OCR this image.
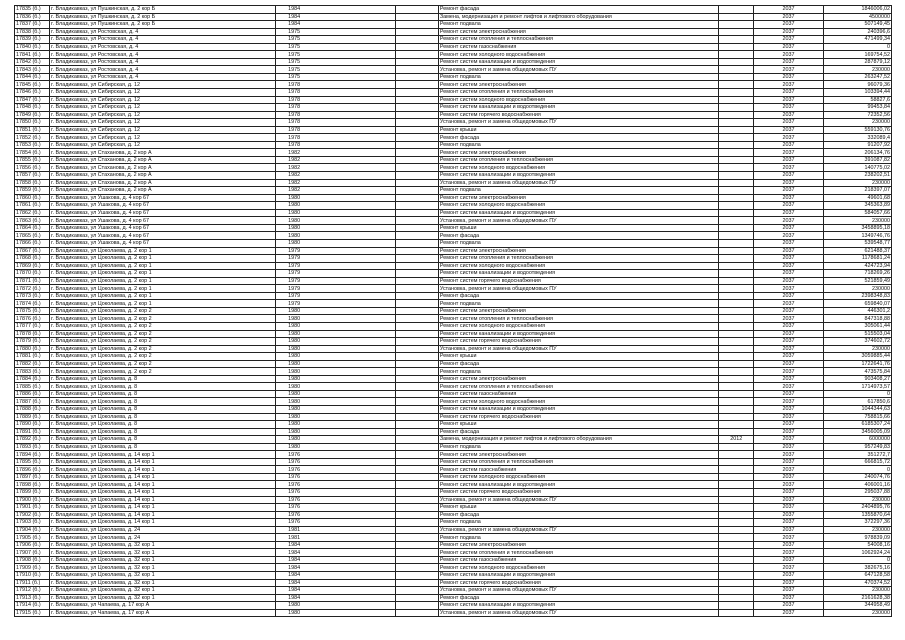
17835 (б.)	г. Владикавказ, ул Пушкинская, д. 2 кор Б	1984		Ремонт фасада		2037	1846006,02
17836 (б.)	г. Владикавказ, ул Пушкинская, д. 2 кор Б	1984		Замена, модернизация и ремонт лифтов и лифтового оборудования		2037	4500000
17837 (б.)	г. Владикавказ, ул Пушкинская, д. 2 кор Б	1984		Ремонт подвала		2037	507149,45
17838 (б.)	г. Владикавказ, ул Ростовская, д. 4	1975		Ремонт систем электроснабжения		2037	240396,6
17839 (б.)	г. Владикавказ, ул Ростовская, д. 4	1975		Ремонт систем отопления и теплоснабжения		2037	471499,34
17840 (б.)	г. Владикавказ, ул Ростовская, д. 4	1975		Ремонт систем газоснабжения		2037	0
17841 (б.)	г. Владикавказ, ул Ростовская, д. 4	1975		Ремонт систем холодного водоснабжения		2037	169754,52
17842 (б.)	г. Владикавказ, ул Ростовская, д. 4	1975		Ремонт систем канализации и водоотведения		2037	287879,12
17843 (б.)	г. Владикавказ, ул Ростовская, д. 4	1975		Установка, ремонт и замена общедомовых ПУ		2037	230000
17844 (б.)	г. Владикавказ, ул Ростовская, д. 4	1975		Ремонт подвала		2037	263247,52
17845 (б.)	г. Владикавказ, ул Сибирская, д. 12	1978		Ремонт систем электроснабжения		2037	96079,36
17846 (б.)	г. Владикавказ, ул Сибирская, д. 12	1978		Ремонт систем отопления и теплоснабжения		2037	103394,44
17847 (б.)	г. Владикавказ, ул Сибирская, д. 12	1978		Ремонт систем холодного водоснабжения		2037	58827,6
17848 (б.)	г. Владикавказ, ул Сибирская, д. 12	1978		Ремонт систем канализации и водоотведения		2037	99453,84
17849 (б.)	г. Владикавказ, ул Сибирская, д. 12	1978		Ремонт систем горячего водоснабжения		2037	72352,56
17850 (б.)	г. Владикавказ, ул Сибирская, д. 12	1978		Установка, ремонт и замена общедомовых ПУ		2037	230000
17851 (б.)	г. Владикавказ, ул Сибирская, д. 12	1978		Ремонт крыши		2037	559130,76
17852 (б.)	г. Владикавказ, ул Сибирская, д. 12	1978		Ремонт фасада		2037	332089,4
17853 (б.)	г. Владикавказ, ул Сибирская, д. 12	1978		Ремонт подвала		2037	91207,92
17854 (б.)	г. Владикавказ, ул Стаханова, д. 2 кор А	1982		Ремонт систем электроснабжения		2037	206134,76
17855 (б.)	г. Владикавказ, ул Стаханова, д. 2 кор А	1982		Ремонт систем отопления и теплоснабжения		2037	391087,82
17856 (б.)	г. Владикавказ, ул Стаханова, д. 2 кор А	1982		Ремонт систем холодного водоснабжения		2037	140775,02
17857 (б.)	г. Владикавказ, ул Стаханова, д. 2 кор А	1982		Ремонт систем канализации и водоотведения		2037	238202,51
17858 (б.)	г. Владикавказ, ул Стаханова, д. 2 кор А	1982		Установка, ремонт и замена общедомовых ПУ		2037	230000
17859 (б.)	г. Владикавказ, ул Стаханова, д. 2 кор А	1982		Ремонт подвала		2037	218397,07
17860 (б.)	г. Владикавказ, ул Ушакова, д. 4 кор 67	1980		Ремонт систем электроснабжения		2037	49601,68
17861 (б.)	г. Владикавказ, ул Ушакова, д. 4 кор 67	1980		Ремонт систем холодного водоснабжения		2037	345363,89
17862 (б.)	г. Владикавказ, ул Ушакова, д. 4 кор 67	1980		Ремонт систем канализации и водоотведения		2037	584057,66
17863 (б.)	г. Владикавказ, ул Ушакова, д. 4 кор 67	1980		Установка, ремонт и замена общедомовых ПУ		2037	230000
17864 (б.)	г. Владикавказ, ул Ушакова, д. 4 кор 67	1980		Ремонт крыши		2037	3458895,18
17865 (б.)	г. Владикавказ, ул Ушакова, д. 4 кор 67	1980		Ремонт фасада		2037	1349746,76
17866 (б.)	г. Владикавказ, ул Ушакова, д. 4 кор 67	1980		Ремонт подвала		2037	539548,77
17867 (б.)	г. Владикавказ, ул Цоколаева, д. 2 кор 1	1979		Ремонт систем электроснабжения		2037	621488,37
17868 (б.)	г. Владикавказ, ул Цоколаева, д. 2 кор 1	1979		Ремонт систем отопления и теплоснабжения		2037	1178681,24
17869 (б.)	г. Владикавказ, ул Цоколаева, д. 2 кор 1	1979		Ремонт систем холодного водоснабжения		2037	424723,94
17870 (б.)	г. Владикавказ, ул Цоколаева, д. 2 кор 1	1979		Ремонт систем канализации и водоотведения		2037	718269,26
17871 (б.)	г. Владикавказ, ул Цоколаева, д. 2 кор 1	1979		Ремонт систем горячего водоснабжения		2037	521859,49
17872 (б.)	г. Владикавказ, ул Цоколаева, д. 2 кор 1	1979		Установка, ремонт и замена общедомовых ПУ		2037	230000
17873 (б.)	г. Владикавказ, ул Цоколаева, д. 2 кор 1	1979		Ремонт фасада		2037	2398348,83
17874 (б.)	г. Владикавказ, ул Цоколаева, д. 2 кор 1	1979		Ремонт подвала		2037	659840,07
17875 (б.)	г. Владикавказ, ул Цоколаева, д. 2 кор 2	1980		Ремонт систем электроснабжения		2037	446301,2
17876 (б.)	г. Владикавказ, ул Цоколаева, д. 2 кор 2	1980		Ремонт систем отопления и теплоснабжения		2037	847318,88
17877 (б.)	г. Владикавказ, ул Цоколаева, д. 2 кор 2	1980		Ремонт систем холодного водоснабжения		2037	305061,44
17878 (б.)	г. Владикавказ, ул Цоколаева, д. 2 кор 2	1980		Ремонт систем канализации и водоотведения		2037	515503,04
17879 (б.)	г. Владикавказ, ул Цоколаева, д. 2 кор 2	1980		Ремонт систем горячего водоснабжения		2037	374602,72
17880 (б.)	г. Владикавказ, ул Цоколаева, д. 2 кор 2	1980		Установка, ремонт и замена общедомовых ПУ		2037	230000
17881 (б.)	г. Владикавказ, ул Цоколаева, д. 2 кор 2	1980		Ремонт крыши		2037	3059885,44
17882 (б.)	г. Владикавказ, ул Цоколаева, д. 2 кор 2	1980		Ремонт фасада		2037	1722641,76
17883 (б.)	г. Владикавказ, ул Цоколаева, д. 2 кор 2	1980		Ремонт подвала		2037	473575,84
17884 (б.)	г. Владикавказ, ул Цоколаева, д. 8	1980		Ремонт систем электроснабжения		2037	903408,27
17885 (б.)	г. Владикавказ, ул Цоколаева, д. 8	1980		Ремонт систем отопления и теплоснабжения		2037	1714973,57
17886 (б.)	г. Владикавказ, ул Цоколаева, д. 8	1980		Ремонт систем газоснабжения		2037	0
17887 (б.)	г. Владикавказ, ул Цоколаева, д. 8	1980		Ремонт систем холодного водоснабжения		2037	617850,6
17888 (б.)	г. Владикавказ, ул Цоколаева, д. 8	1980		Ремонт систем канализации и водоотведения		2037	1044344,63
17889 (б.)	г. Владикавказ, ул Цоколаева, д. 8	1980		Ремонт систем горячего водоснабжения		2037	758815,66
17890 (б.)	г. Владикавказ, ул Цоколаева, д. 8	1980		Ремонт крыши		2037	6185307,24
17891 (б.)	г. Владикавказ, ул Цоколаева, д. 8	1980		Ремонт фасада		2037	3456005,09
17892 (б.)	г. Владикавказ, ул Цоколаева, д. 8	1980		Замена, модернизация и ремонт лифтов и лифтового оборудования	2012	2037	6000000
17893 (б.)	г. Владикавказ, ул Цоколаева, д. 8	1980		Ремонт подвала		2037	957249,83
17894 (б.)	г. Владикавказ, ул Цоколаева, д. 14 кор 1	1976		Ремонт систем электроснабжения		2037	351272,7
17895 (б.)	г. Владикавказ, ул Цоколаева, д. 14 кор 1	1976		Ремонт систем отопления и теплоснабжения		2037	666815,72
17896 (б.)	г. Владикавказ, ул Цоколаева, д. 14 кор 1	1976		Ремонт систем газоснабжения		2037	0
17897 (б.)	г. Владикавказ, ул Цоколаева, д. 14 кор 1	1976		Ремонт систем холодного водоснабжения		2037	240074,76
17898 (б.)	г. Владикавказ, ул Цоколаева, д. 14 кор 1	1976		Ремонт систем канализации и водоотведения		2037	406001,16
17899 (б.)	г. Владикавказ, ул Цоколаева, д. 14 кор 1	1976		Ремонт систем горячего водоснабжения		2037	295037,88
17900 (б.)	г. Владикавказ, ул Цоколаева, д. 14 кор 1	1976		Установка, ремонт и замена общедомовых ПУ		2037	230000
17901 (б.)	г. Владикавказ, ул Цоколаева, д. 14 кор 1	1976		Ремонт крыши		2037	2404895,76
17902 (б.)	г. Владикавказ, ул Цоколаева, д. 14 кор 1	1976		Ремонт фасада		2037	1355870,64
17903 (б.)	г. Владикавказ, ул Цоколаева, д. 14 кор 1	1976		Ремонт подвала		2037	372297,36
17904 (б.)	г. Владикавказ, ул Цоколаева, д. 24	1981		Установка, ремонт и замена общедомовых ПУ		2037	230000
17905 (б.)	г. Владикавказ, ул Цоколаева, д. 24	1981		Ремонт подвала		2037	978839,09
17906 (б.)	г. Владикавказ, ул Цоколаева, д. 32 кор 1	1984		Ремонт систем электроснабжения		2037	54008,16
17907 (б.)	г. Владикавказ, ул Цоколаева, д. 32 кор 1	1984		Ремонт систем отопления и теплоснабжения		2037	1062924,24
17908 (б.)	г. Владикавказ, ул Цоколаева, д. 32 кор 1	1984		Ремонт систем газоснабжения		2037	0
17909 (б.)	г. Владикавказ, ул Цоколаева, д. 32 кор 1	1984		Ремонт систем холодного водоснабжения		2037	382675,16
17910 (б.)	г. Владикавказ, ул Цоколаева, д. 32 кор 1	1984		Ремонт систем канализации и водоотведения		2037	647128,58
17911 (б.)	г. Владикавказ, ул Цоколаева, д. 32 кор 1	1984		Ремонт систем горячего водоснабжения		2037	470374,52
17912 (б.)	г. Владикавказ, ул Цоколаева, д. 32 кор 1	1984		Установка, ремонт и замена общедомовых ПУ		2037	230000
17913 (б.)	г. Владикавказ, ул Цоколаева, д. 32 кор 1	1984		Ремонт фасада		2037	2161628,38
17914 (б.)	г. Владикавказ, ул Чапаева, д. 17 кор А	1980		Ремонт систем канализации и водоотведения		2037	344958,49
17915 (б.)	г. Владикавказ, ул Чапаева, д. 17 кор А	1980		Установка, ремонт и замена общедомовых ПУ		2037	230000
